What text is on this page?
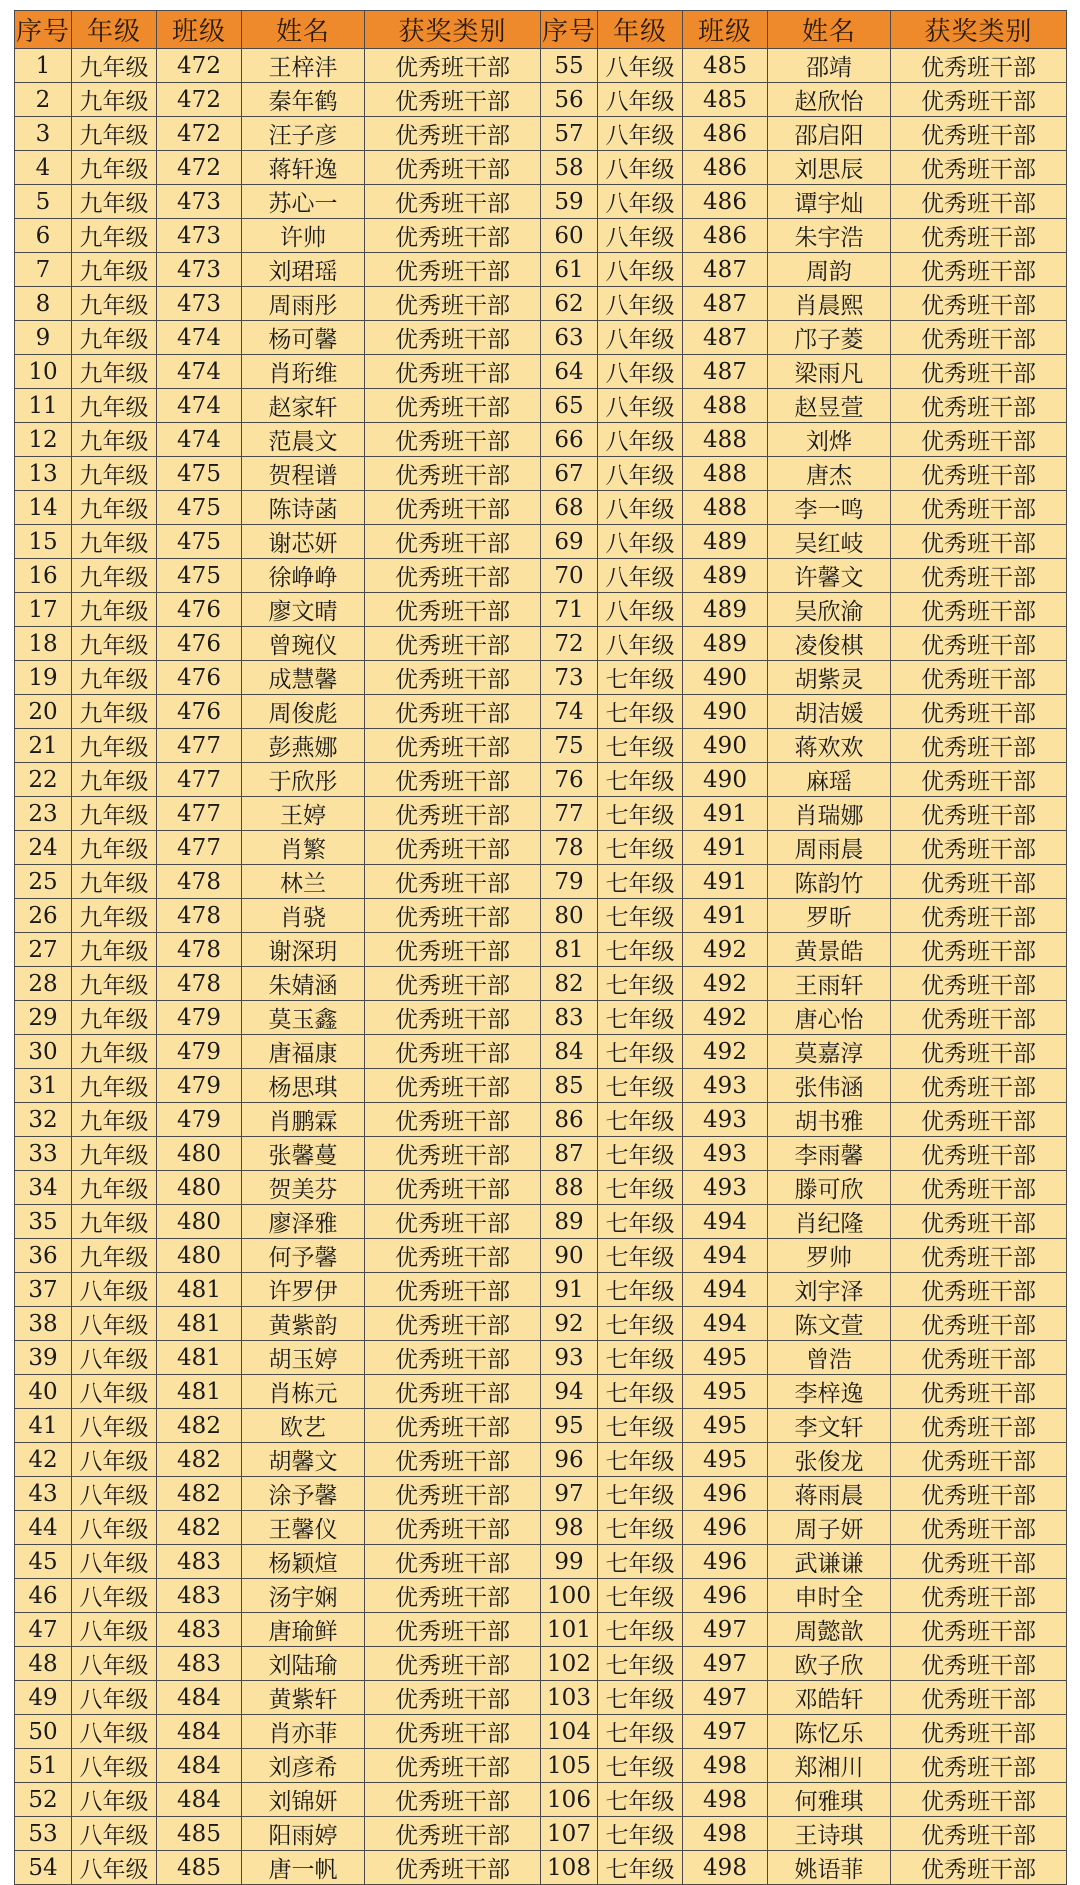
序号	年级	班级	姓名	获奖类别	序号	年级	班级	姓名	获奖类别
1	九年级	472	王梓沣	优秀班干部	55	八年级	485	邵靖	优秀班干部
2	九年级	472	秦年鹤	优秀班干部	56	八年级	485	赵欣怡	优秀班干部
3	九年级	472	汪子彦	优秀班干部	57	八年级	486	邵启阳	优秀班干部
4	九年级	472	蒋轩逸	优秀班干部	58	八年级	486	刘思辰	优秀班干部
5	九年级	473	苏心一	优秀班干部	59	八年级	486	谭宇灿	优秀班干部
6	九年级	473	许帅	优秀班干部	60	八年级	486	朱宇浩	优秀班干部
7	九年级	473	刘珺瑶	优秀班干部	61	八年级	487	周韵	优秀班干部
8	九年级	473	周雨彤	优秀班干部	62	八年级	487	肖晨熙	优秀班干部
9	九年级	474	杨可馨	优秀班干部	63	八年级	487	邝子菱	优秀班干部
10	九年级	474	肖珩维	优秀班干部	64	八年级	487	梁雨凡	优秀班干部
11	九年级	474	赵家轩	优秀班干部	65	八年级	488	赵昱萱	优秀班干部
12	九年级	474	范晨文	优秀班干部	66	八年级	488	刘烨	优秀班干部
13	九年级	475	贺程谱	优秀班干部	67	八年级	488	唐杰	优秀班干部
14	九年级	475	陈诗菡	优秀班干部	68	八年级	488	李一鸣	优秀班干部
15	九年级	475	谢芯妍	优秀班干部	69	八年级	489	吴红岐	优秀班干部
16	九年级	475	徐峥峥	优秀班干部	70	八年级	489	许馨文	优秀班干部
17	九年级	476	廖文晴	优秀班干部	71	八年级	489	吴欣渝	优秀班干部
18	九年级	476	曾琬仪	优秀班干部	72	八年级	489	凌俊棋	优秀班干部
19	九年级	476	成慧馨	优秀班干部	73	七年级	490	胡紫灵	优秀班干部
20	九年级	476	周俊彪	优秀班干部	74	七年级	490	胡洁媛	优秀班干部
21	九年级	477	彭燕娜	优秀班干部	75	七年级	490	蒋欢欢	优秀班干部
22	九年级	477	于欣彤	优秀班干部	76	七年级	490	麻瑶	优秀班干部
23	九年级	477	王婷	优秀班干部	77	七年级	491	肖瑞娜	优秀班干部
24	九年级	477	肖繁	优秀班干部	78	七年级	491	周雨晨	优秀班干部
25	九年级	478	林兰	优秀班干部	79	七年级	491	陈韵竹	优秀班干部
26	九年级	478	肖骁	优秀班干部	80	七年级	491	罗昕	优秀班干部
27	九年级	478	谢深玥	优秀班干部	81	七年级	492	黄景皓	优秀班干部
28	九年级	478	朱婧涵	优秀班干部	82	七年级	492	王雨轩	优秀班干部
29	九年级	479	莫玉鑫	优秀班干部	83	七年级	492	唐心怡	优秀班干部
30	九年级	479	唐福康	优秀班干部	84	七年级	492	莫嘉淳	优秀班干部
31	九年级	479	杨思琪	优秀班干部	85	七年级	493	张伟涵	优秀班干部
32	九年级	479	肖鹏霖	优秀班干部	86	七年级	493	胡书雅	优秀班干部
33	九年级	480	张馨蔓	优秀班干部	87	七年级	493	李雨馨	优秀班干部
34	九年级	480	贺美芬	优秀班干部	88	七年级	493	滕可欣	优秀班干部
35	九年级	480	廖泽雅	优秀班干部	89	七年级	494	肖纪隆	优秀班干部
36	九年级	480	何予馨	优秀班干部	90	七年级	494	罗帅	优秀班干部
37	八年级	481	许罗伊	优秀班干部	91	七年级	494	刘宇泽	优秀班干部
38	八年级	481	黄紫韵	优秀班干部	92	七年级	494	陈文萱	优秀班干部
39	八年级	481	胡玉婷	优秀班干部	93	七年级	495	曾浩	优秀班干部
40	八年级	481	肖栋元	优秀班干部	94	七年级	495	李梓逸	优秀班干部
41	八年级	482	欧艺	优秀班干部	95	七年级	495	李文轩	优秀班干部
42	八年级	482	胡馨文	优秀班干部	96	七年级	495	张俊龙	优秀班干部
43	八年级	482	涂予馨	优秀班干部	97	七年级	496	蒋雨晨	优秀班干部
44	八年级	482	王馨仪	优秀班干部	98	七年级	496	周子妍	优秀班干部
45	八年级	483	杨颖煊	优秀班干部	99	七年级	496	武谦谦	优秀班干部
46	八年级	483	汤宇娴	优秀班干部	100	七年级	496	申时全	优秀班干部
47	八年级	483	唐瑜鲜	优秀班干部	101	七年级	497	周懿歆	优秀班干部
48	八年级	483	刘陆瑜	优秀班干部	102	七年级	497	欧子欣	优秀班干部
49	八年级	484	黄紫轩	优秀班干部	103	七年级	497	邓皓轩	优秀班干部
50	八年级	484	肖亦菲	优秀班干部	104	七年级	497	陈忆乐	优秀班干部
51	八年级	484	刘彦希	优秀班干部	105	七年级	498	郑湘川	优秀班干部
52	八年级	484	刘锦妍	优秀班干部	106	七年级	498	何雅琪	优秀班干部
53	八年级	485	阳雨婷	优秀班干部	107	七年级	498	王诗琪	优秀班干部
54	八年级	485	唐一帆	优秀班干部	108	七年级	498	姚语菲	优秀班干部
